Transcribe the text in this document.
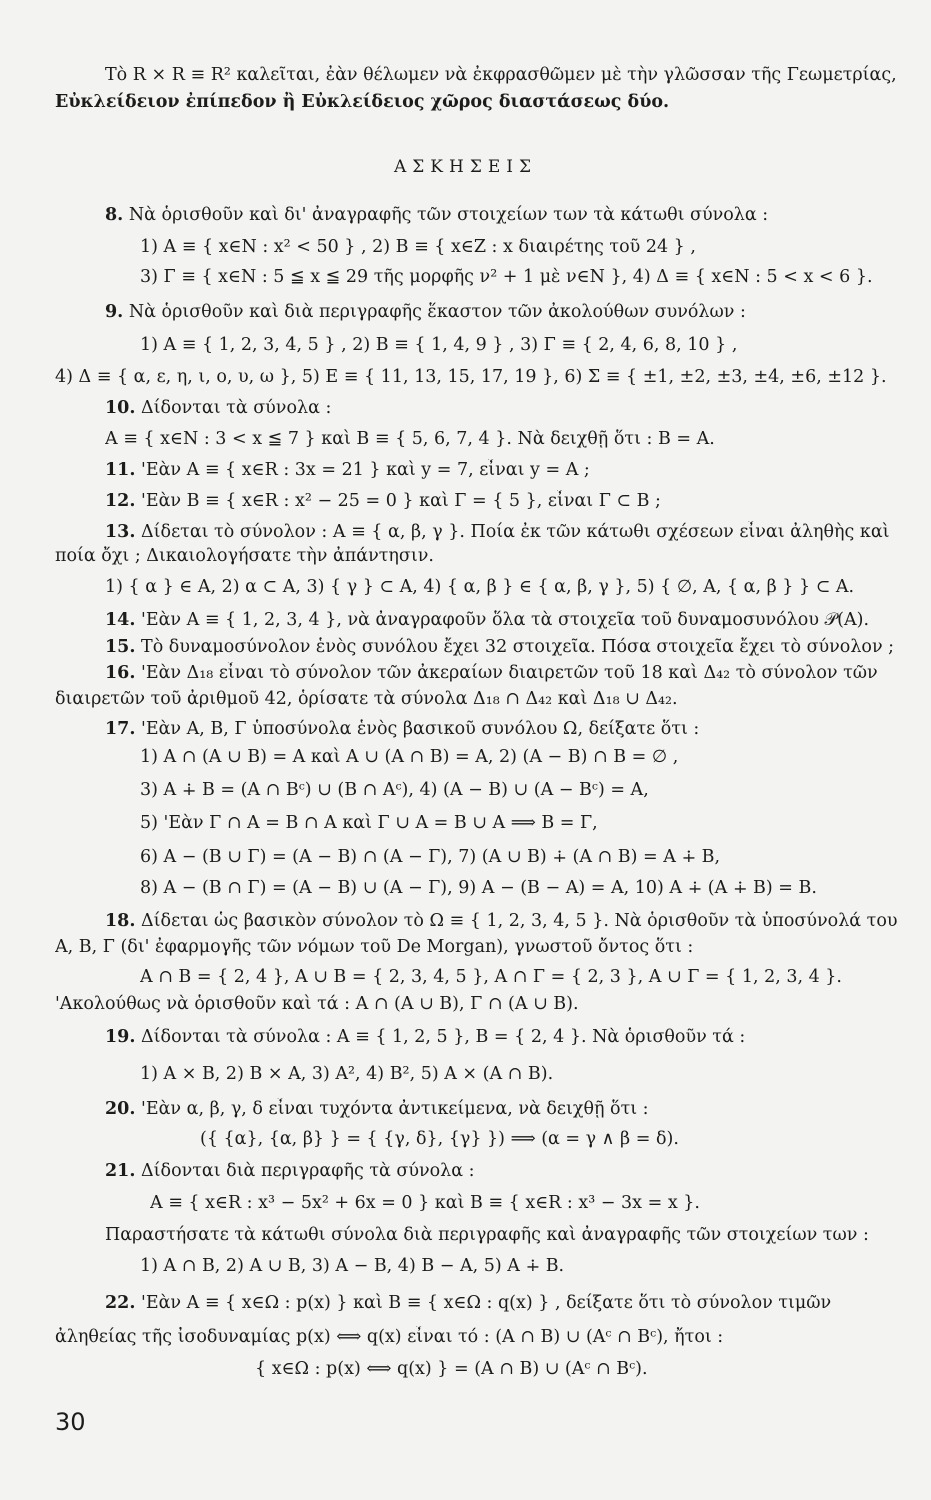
Τὸ R × R ≡ R² καλεῖται, ἐὰν θέλωμεν νὰ ἐκφρασθῶμεν μὲ τὴν γλῶσσαν τῆς Γεωμετρίας,
Εὐκλείδειον ἐπίπεδον ἢ Εὐκλείδειος χῶρος διαστάσεως δύο.
ΑΣΚΗΣΕΙΣ
8. Νὰ ὁρισθοῦν καὶ δι' ἀναγραφῆς τῶν στοιχείων των τὰ κάτωθι σύνολα :
1) A ≡ { x∈N : x² < 50 } , 2) B ≡ { x∈Z : x διαιρέτης τοῦ 24 } ,
3) Γ ≡ { x∈N : 5 ≦ x ≦ 29 τῆς μορφῆς ν² + 1 μὲ ν∈N }, 4) Δ ≡ { x∈N : 5 < x < 6 }.
9. Νὰ ὁρισθοῦν καὶ διὰ περιγραφῆς ἕκαστον τῶν ἀκολούθων συνόλων :
1) A ≡ { 1, 2, 3, 4, 5 } , 2) B ≡ { 1, 4, 9 } , 3) Γ ≡ { 2, 4, 6, 8, 10 } ,
4) Δ ≡ { α, ε, η, ι, ο, υ, ω }, 5) E ≡ { 11, 13, 15, 17, 19 }, 6) Σ ≡ { ±1, ±2, ±3, ±4, ±6, ±12 }.
10. Δίδονται τὰ σύνολα :
A ≡ { x∈N : 3 < x ≦ 7 } καὶ B ≡ { 5, 6, 7, 4 }. Νὰ δειχθῇ ὅτι : B = A.
11. 'Εὰν A ≡ { x∈R : 3x = 21 } καὶ y = 7, εἶναι y = A ;
12. 'Εὰν B ≡ { x∈R : x² − 25 = 0 } καὶ Γ = { 5 }, εἶναι Γ ⊂ B ;
13. Δίδεται τὸ σύνολον : A ≡ { α, β, γ }. Ποία ἐκ τῶν κάτωθι σχέσεων εἶναι ἀληθὴς καὶ
ποία ὄχι ; Δικαιολογήσατε τὴν ἀπάντησιν.
1) { α } ∈ A, 2) α ⊂ A, 3) { γ } ⊂ A, 4) { α, β } ∈ { α, β, γ }, 5) { ∅, A, { α, β } } ⊂ A.
14. 'Εὰν A ≡ { 1, 2, 3, 4 }, νὰ ἀναγραφοῦν ὅλα τὰ στοιχεῖα τοῦ δυναμοσυνόλου 𝒫(A).
15. Τὸ δυναμοσύνολον ἑνὸς συνόλου ἔχει 32 στοιχεῖα. Πόσα στοιχεῖα ἔχει τὸ σύνολον ;
16. 'Εὰν Δ₁₈ εἶναι τὸ σύνολον τῶν ἀκεραίων διαιρετῶν τοῦ 18 καὶ Δ₄₂ τὸ σύνολον τῶν
διαιρετῶν τοῦ ἀριθμοῦ 42, ὁρίσατε τὰ σύνολα Δ₁₈ ∩ Δ₄₂ καὶ Δ₁₈ ∪ Δ₄₂.
17. 'Εὰν A, B, Γ ὑποσύνολα ἑνὸς βασικοῦ συνόλου Ω, δείξατε ὅτι :
1) A ∩ (A ∪ B) = A καὶ A ∪ (A ∩ B) = A, 2) (A − B) ∩ B = ∅ ,
3) A ∔ B = (A ∩ Bᶜ) ∪ (B ∩ Aᶜ), 4) (A − B) ∪ (A − Bᶜ) = A,
5) 'Εὰν Γ ∩ A = B ∩ A καὶ Γ ∪ A = B ∪ A ⟹ B = Γ,
6) A − (B ∪ Γ) = (A − B) ∩ (A − Γ), 7) (A ∪ B) ∔ (A ∩ B) = A ∔ B,
8) A − (B ∩ Γ) = (A − B) ∪ (A − Γ), 9) A − (B − A) = A, 10) A ∔ (A ∔ B) = B.
18. Δίδεται ὡς βασικὸν σύνολον τὸ Ω ≡ { 1, 2, 3, 4, 5 }. Νὰ ὁρισθοῦν τὰ ὑποσύνολά του
A, B, Γ (δι' ἐφαρμογῆς τῶν νόμων τοῦ De Morgan), γνωστοῦ ὄντος ὅτι :
A ∩ B = { 2, 4 }, A ∪ B = { 2, 3, 4, 5 }, A ∩ Γ = { 2, 3 }, A ∪ Γ = { 1, 2, 3, 4 }.
'Ακολούθως νὰ ὁρισθοῦν καὶ τά : A ∩ (A ∪ B), Γ ∩ (A ∪ B).
19. Δίδονται τὰ σύνολα : A ≡ { 1, 2, 5 }, B = { 2, 4 }. Νὰ ὁρισθοῦν τά :
1) A × B, 2) B × A, 3) A², 4) B², 5) A × (A ∩ B).
20. 'Εὰν α, β, γ, δ εἶναι τυχόντα ἀντικείμενα, νὰ δειχθῇ ὅτι :
({ {α}, {α, β} } = { {γ, δ}, {γ} }) ⟹ (α = γ ∧ β = δ).
21. Δίδονται διὰ περιγραφῆς τὰ σύνολα :
A ≡ { x∈R : x³ − 5x² + 6x = 0 } καὶ B ≡ { x∈R : x³ − 3x = x }.
Παραστήσατε τὰ κάτωθι σύνολα διὰ περιγραφῆς καὶ ἀναγραφῆς τῶν στοιχείων των :
1) A ∩ B, 2) A ∪ B, 3) A − B, 4) B − A, 5) A ∔ B.
22. 'Εὰν A ≡ { x∈Ω : p(x) } καὶ B ≡ { x∈Ω : q(x) } , δείξατε ὅτι τὸ σύνολον τιμῶν
ἀληθείας τῆς ἰσοδυναμίας p(x) ⟺ q(x) εἶναι τό : (A ∩ B) ∪ (Aᶜ ∩ Bᶜ), ἤτοι :
{ x∈Ω : p(x) ⟺ q(x) } = (A ∩ B) ∪ (Aᶜ ∩ Bᶜ).
30
